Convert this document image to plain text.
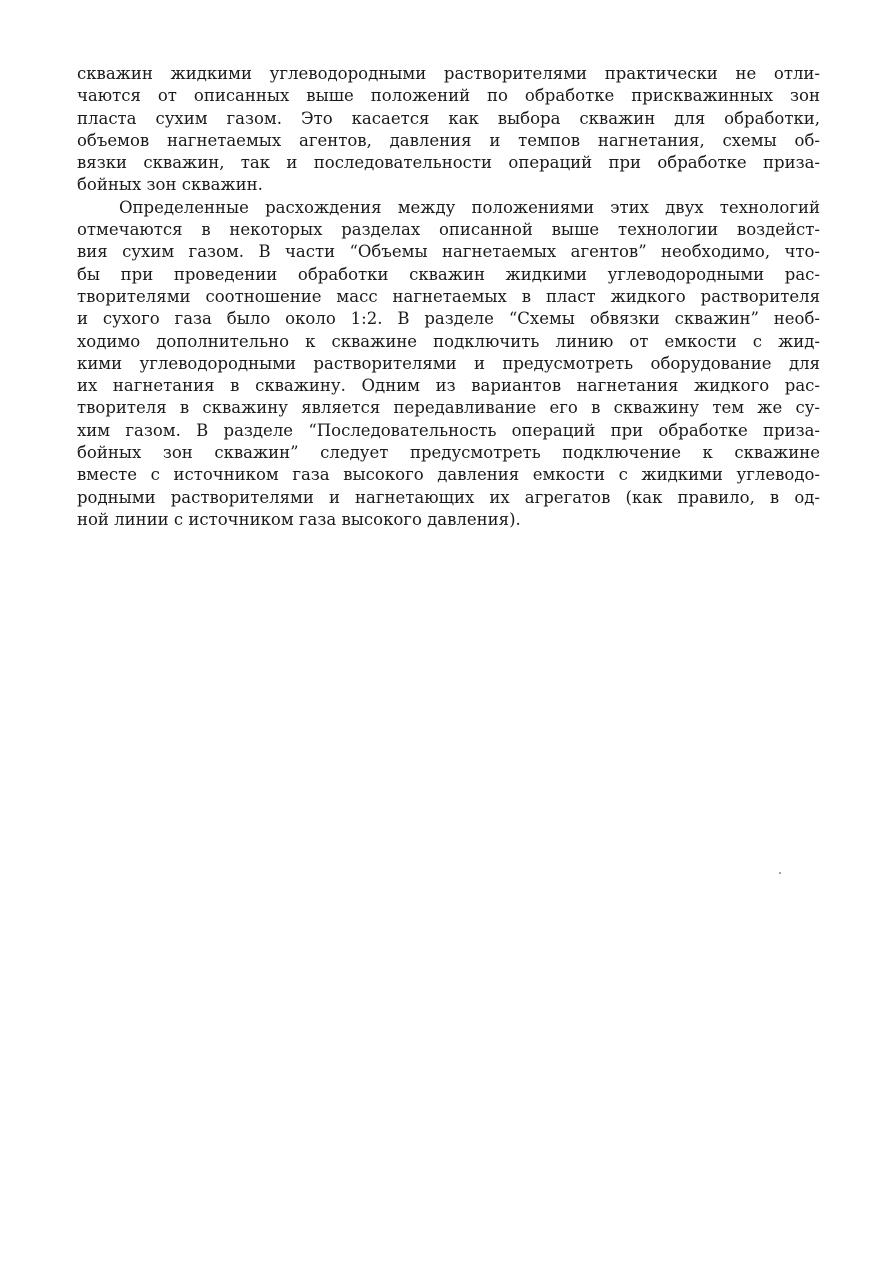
скважин жидкими углеводородными растворителями практически не отли-
чаются от описанных выше положений по обработке прискважинных зон
пласта сухим газом. Это касается как выбора скважин для обработки,
объемов нагнетаемых агентов, давления и темпов нагнетания, схемы об-
вязки скважин, так и последовательности операций при обработке приза-
бойных зон скважин.

Определенные расхождения между положениями этих двух технологий
отмечаются в некоторых разделах описанной выше технологии воздейст-
вия сухим газом. В части “Объемы нагнетаемых агентов” необходимо, что-
бы при проведении обработки скважин жидкими углеводородными рас-
творителями соотношение масс нагнетаемых в пласт жидкого растворителя
и сухого газа было около 1:2. В разделе “Схемы обвязки скважин” необ-
ходимо дополнительно к скважине подключить линию от емкости с жид-
кими углеводородными растворителями и предусмотреть оборудование для
их нагнетания в скважину. Одним из вариантов нагнетания жидкого рас-
творителя в скважину является передавливание его в скважину тем же су-
хим газом. В разделе “Последовательность операций при обработке приза-
бойных зон скважин” следует предусмотреть подключение к скважине
вместе с источником газа высокого давления емкости с жидкими углеводо-
родными растворителями и нагнетающих их агрегатов (как правило, в од-
ной линии с источником газа высокого давления).
